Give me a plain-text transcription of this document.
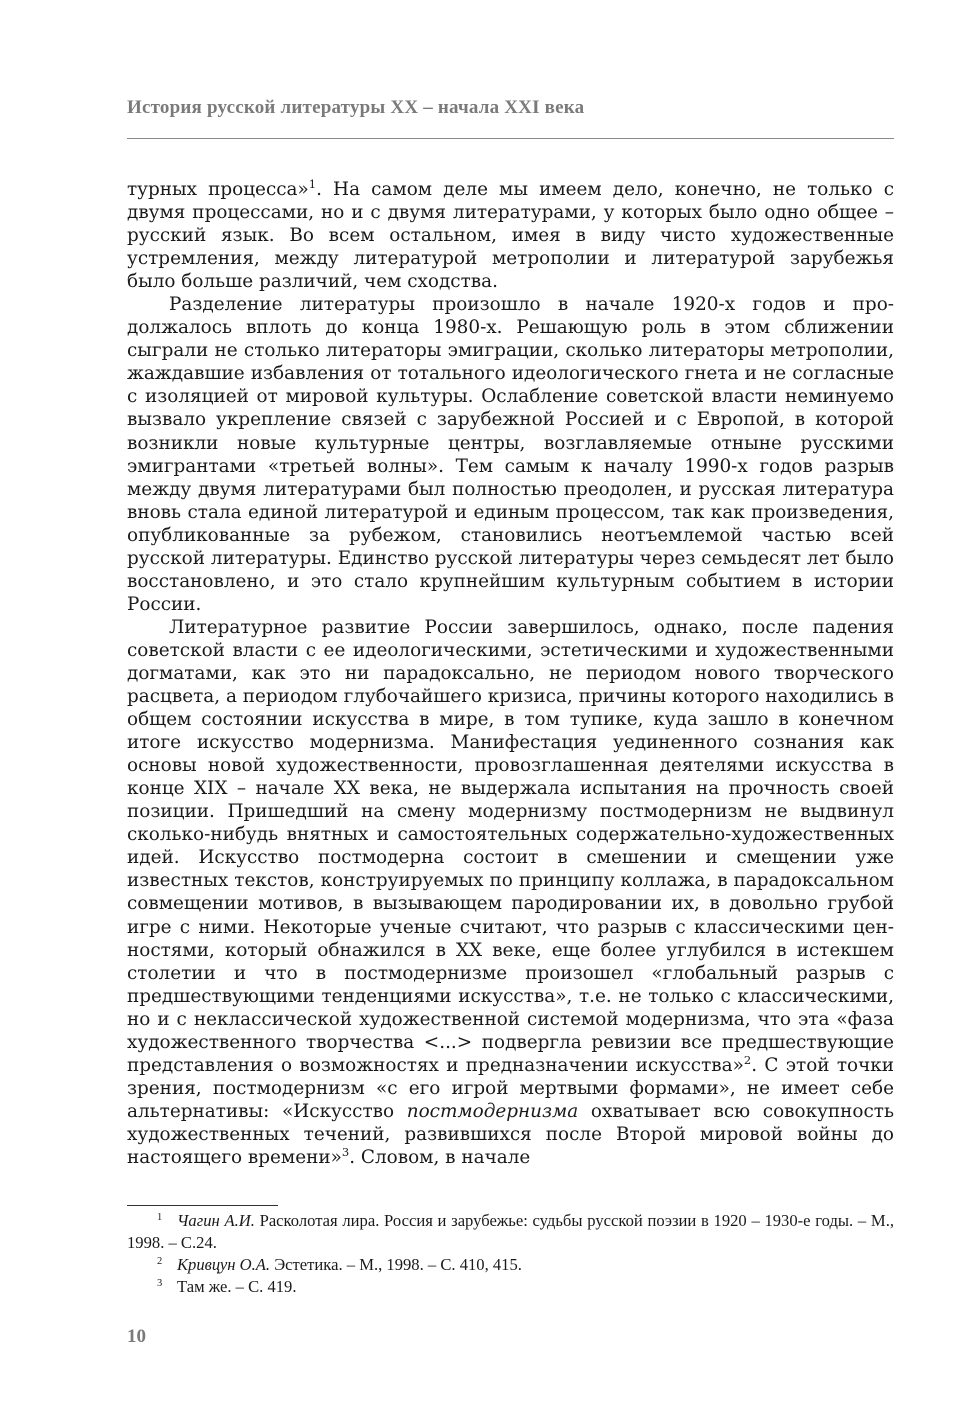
История русской литературы XX – начала XXI века

турных процесса»$^1$. На самом деле мы имеем дело, конечно, не только с двумя процессами, но и с двумя литературами, у которых было одно общее – русский язык. Во всем остальном, имея в виду чисто художественные устремления, между литературой метрополии и литературой зарубежья было больше различий, чем сходства.

Разделение литературы произошло в начале 1920-х годов и продолжалось вплоть до конца 1980-х. Решающую роль в этом сближении сыграли не столько литераторы эмиграции, сколько литераторы метрополии, жаждавшие избавления от тотального идеологического гнета и не согласные с изоляцией от мировой культуры. Ослабление советской власти неминуемо вызвало укрепление связей с зарубежной Россией и с Европой, в которой возникли новые культурные центры, возглавляемые отныне русскими эмигрантами «третьей волны». Тем самым к началу 1990-х годов разрыв между двумя литературами был полностью преодолен, и русская литература вновь стала единой литературой и единым процессом, так как произведения, опубликованные за рубежом, становились неотъемлемой частью всей русской литературы. Единство русской литературы через семьдесят лет было восстановлено, и это стало крупнейшим культурным событием в истории России.

Литературное развитие России завершилось, однако, после падения советской власти с ее идеологическими, эстетическими и художественными догматами, как это ни парадоксально, не периодом нового творческого расцвета, а периодом глубочайшего кризиса, причины которого находились в общем состоянии искусства в мире, в том тупике, куда зашло в конечном итоге искусство модернизма. Манифестация уединенного сознания как основы новой художественности, провозглашенная деятелями искусства в конце XIX – начале XX века, не выдержала испытания на прочность своей позиции. Пришедший на смену модернизму постмодернизм не выдвинул сколько-нибудь внятных и самостоятельных содержательно-художественных идей. Искусство постмодерна состоит в смешении и смещении уже известных текстов, конструируемых по принципу коллажа, в парадоксальном совмещении мотивов, в вызывающем пародировании их, в довольно грубой игре с ними. Некоторые ученые считают, что разрыв с классическими ценностями, который обнажился в XX веке, еще более углубился в истекшем столетии и что в постмодернизме произошел «глобальный разрыв с предшествующими тенденциями искусства», т.е. не только с классическими, но и с неклассической художественной системой модернизма, что эта «фаза художественного творчества <...> подвергла ревизии все предшествующие представления о возможностях и предназначении искусства»$^2$. С этой точки зрения, постмодернизм «с его игрой мертвыми формами», не имеет себе альтернативы: «Искусство постмодернизма охватывает всю совокупность художественных течений, развившихся после Второй мировой войны до настоящего времени»$^3$. Словом, в начале

1 Чагин А.И. Расколотая лира. Россия и зарубежье: судьбы русской поэзии в 1920 – 1930-е годы. – М., 1998. – С.24.

2 Кривцун О.А. Эстетика. – М., 1998. – С. 410, 415.

3 Там же. – С. 419.

10
